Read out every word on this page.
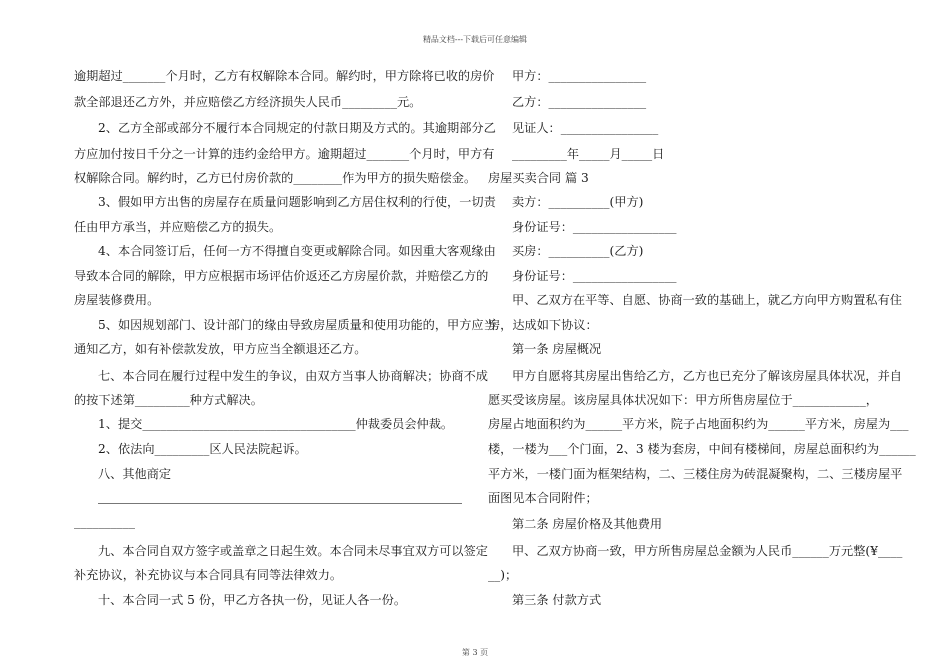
精品文档---下载后可任意编辑
逾期超过_______个月时，乙方有权解除本合同。解约时，甲方除将已收的房价
款全部退还乙方外，并应赔偿乙方经济损失人民币_________元。
2、乙方全部或部分不履行本合同规定的付款日期及方式的。其逾期部分乙
方应加付按日千分之一计算的违约金给甲方。逾期超过_______个月时，甲方有
权解除合同。解约时，乙方已付房价款的________作为甲方的损失赔偿金。
3、假如甲方出售的房屋存在质量问题影响到乙方居住权利的行使，一切责
任由甲方承当，并应赔偿乙方的损失。
4、本合同签订后，任何一方不得擅自变更或解除合同。如因重大客观缘由
导致本合同的解除，甲方应根据市场评估价返还乙方房屋价款，并赔偿乙方的
房屋装修费用。
5、如因规划部门、设计部门的缘由导致房屋质量和使用功能的，甲方应当
通知乙方，如有补偿款发放，甲方应当全额退还乙方。
七、本合同在履行过程中发生的争议，由双方当事人协商解决；协商不成
的按下述第_________种方式解决。
1、提交___________________________________仲裁委员会仲裁。
2、依法向_________区人民法院起诉。
八、其他商定
__________
九、本合同自双方签字或盖章之日起生效。本合同未尽事宜双方可以签定
补充协议，补充协议与本合同具有同等法律效力。
十、本合同一式 5 份，甲乙方各执一份，见证人各一份。
甲方：________________
乙方：________________
见证人：________________
_________年_____月_____日
房屋买卖合同 篇 3
卖方：__________(甲方)
身份证号：_________________
买房：__________(乙方)
身份证号：_________________
甲、乙双方在平等、自愿、协商一致的基础上，就乙方向甲方购置私有住
房，达成如下协议：
第一条 房屋概况
甲方自愿将其房屋出售给乙方，乙方也已充分了解该房屋具体状况，并自
愿买受该房屋。该房屋具体状况如下：甲方所售房屋位于____________，
房屋占地面积约为______平方米，院子占地面积约为______平方米，房屋为___
楼，一楼为___个门面，2、3 楼为套房，中间有楼梯间，房屋总面积约为______
平方米，一楼门面为框架结构，二、三楼住房为砖混凝聚构，二、三楼房屋平
面图见本合同附件；
第二条 房屋价格及其他费用
甲、乙双方协商一致，甲方所售房屋总金额为人民币______万元整(¥____
__)；
第三条 付款方式
第 3 页
